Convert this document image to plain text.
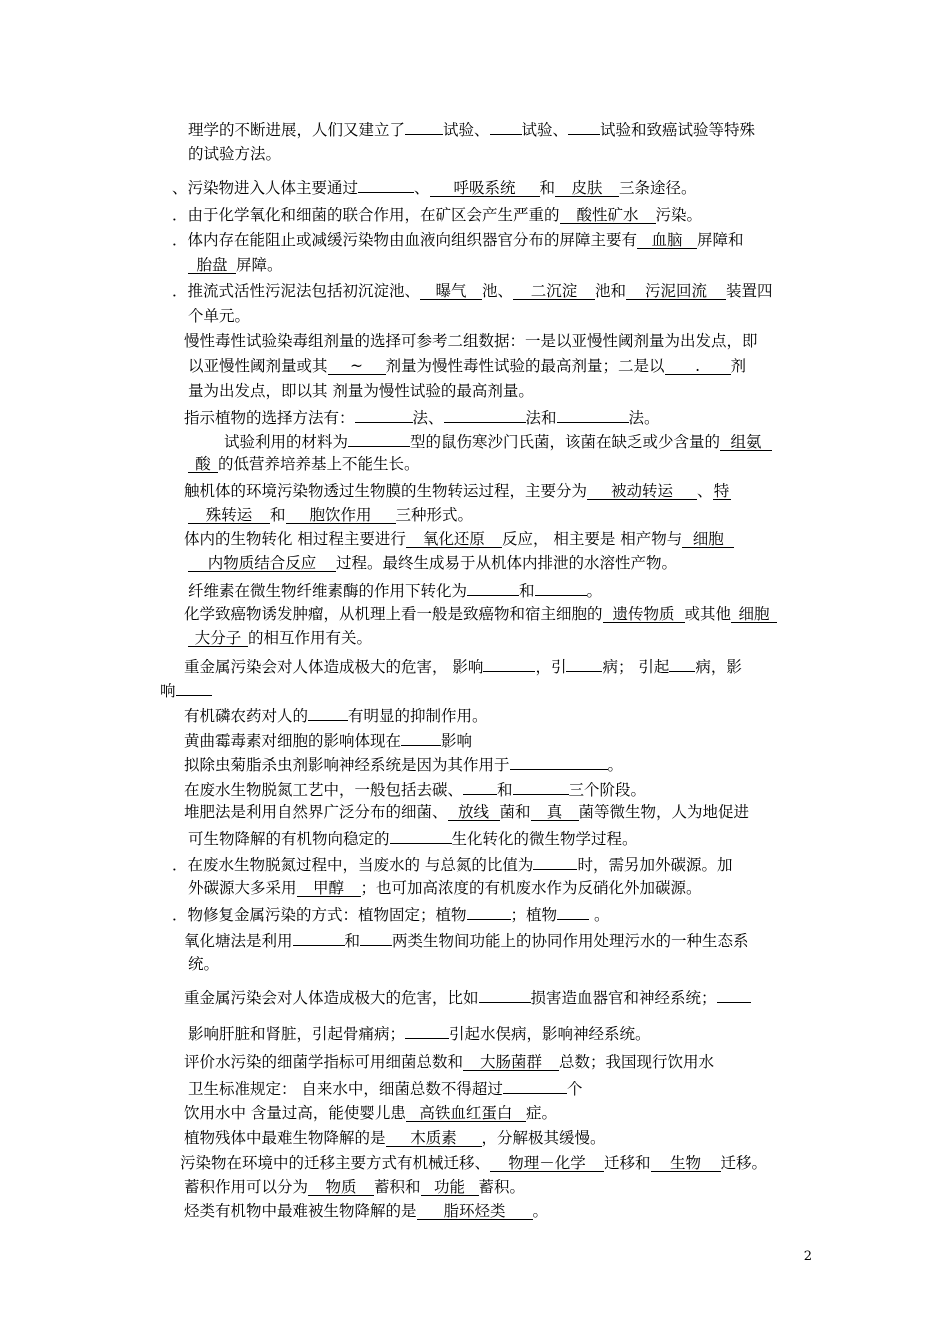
理学的不断进展，人们又建立了 试验、 试验、 试验和致癌试验等特殊
的试验方法。
、污染物进入人体主要通过	、呼吸系统和皮肤三条途径。
．由于化学氧化和细菌的联合作用，在矿区会产生严重的酸性矿水污染。
．体内存在能阻止或减缓污染物由血液向组织器官分布的屏障主要有血脑屏障和
胎盘屏障。
．推流式活性污泥法包括初沉淀池、曝气池、二沉淀池和污泥回流装置四
个单元。
慢性毒性试验染毒组剂量的选择可参考二组数据：一是以亚慢性阈剂量为出发点，即
以亚慢性阈剂量或其~剂量为慢性毒性试验的最高剂量；二是以.剂
量为出发点，即以其 剂量为慢性试验的最高剂量。
指示植物的选择方法有：	法、	法和	法。
试验利用的材料为	型的鼠伤寒沙门氏菌，该菌在缺乏或少含量的组氨
酸的低营养培养基上不能生长。
触机体的环境污染物透过生物膜的生物转运过程，主要分为被动转运、特
殊转运和胞饮作用三种形式。
体内的生物转化 相过程主要进行氧化还原反应， 相主要是 相产物与细胞
内物质结合反应过程。最终生成易于从机体内排泄的水溶性产物。
纤维素在微生物纤维素酶的作用下转化为	和	。
化学致癌物诱发肿瘤，从机理上看一般是致癌物和宿主细胞的遗传物质或其他细胞
大分子的相互作用有关。
重金属污染会对人体造成极大的危害， 影响	，引 病； 引起 病，影
响
有机磷农药对人的	有明显的抑制作用。
黄曲霉毒素对细胞的影响体现在	影响
拟除虫菊脂杀虫剂影响神经系统是因为其作用于	。
在废水生物脱氮工艺中，一般包括去碳、 和	三个阶段。
堆肥法是利用自然界广泛分布的细菌、放线菌和真菌等微生物，人为地促进
可生物降解的有机物向稳定的	生化转化的微生物学过程。
．在废水生物脱氮过程中，当废水的 与总氮的比值为	时，需另加外碳源。加
外碳源大多采用甲醇；也可加高浓度的有机废水作为反硝化外加碳源。
．物修复金属污染的方式：植物固定；植物	；植物 。
氧化塘法是利用	和 两类生物间功能上的协同作用处理污水的一种生态系
统。
重金属污染会对人体造成极大的危害，比如	损害造血器官和神经系统；
影响肝脏和肾脏，引起骨痛病；	引起水俣病，影响神经系统。
评价水污染的细菌学指标可用细菌总数和大肠菌群总数；我国现行饮用水
卫生标准规定： 自来水中，细菌总数不得超过	个
饮用水中 含量过高，能使婴儿患高铁血红蛋白症。
植物残体中最难生物降解的是木质素，分解极其缓慢。
污染物在环境中的迁移主要方式有机械迁移、物理－化学迁移和生物迁移。
蓄积作用可以分为物质蓄积和功能蓄积。
烃类有机物中最难被生物降解的是脂环烃类。
2
